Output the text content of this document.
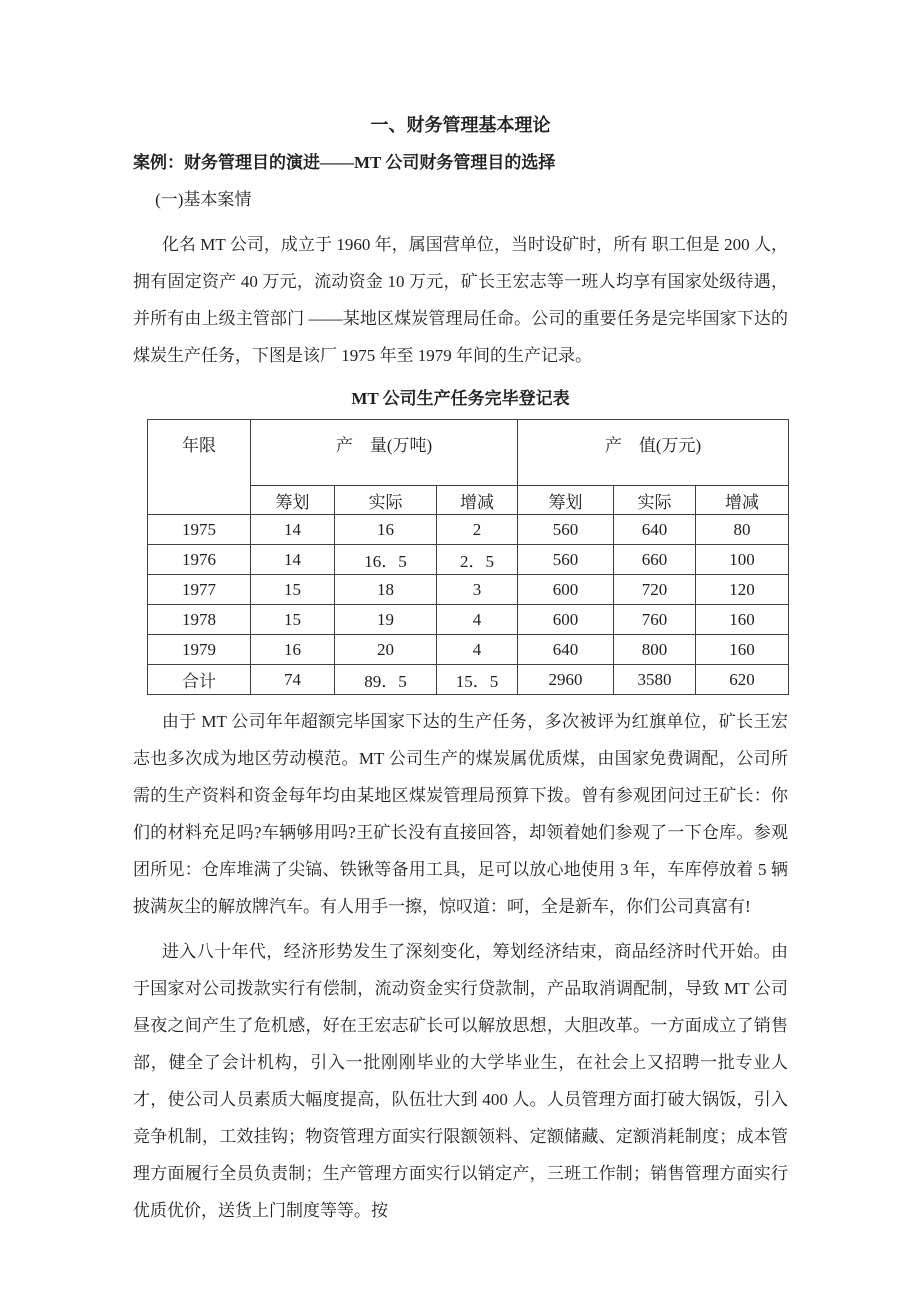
一、财务管理基本理论

案例：财务管理目的演进——MT 公司财务管理目的选择

(一)基本案情

化名 MT 公司，成立于 1960 年，属国营单位，当时设矿时，所有 职工但是 200 人，拥有固定资产 40 万元，流动资金 10 万元，矿长王宏志等一班人均享有国家处级待遇，并所有由上级主管部门 ——某地区煤炭管理局任命。公司的重要任务是完毕国家下达的煤炭生产任务，下图是该厂 1975 年至 1979 年间的生产记录。

MT 公司生产任务完毕登记表

年限	产　量(万吨)			产　值(万元)		
	筹划	实际	增减	筹划	实际	增减
1975	14	16	2	560	640	80
1976	14	16．5	2．5	560	660	100
1977	15	18	3	600	720	120
1978	15	19	4	600	760	160
1979	16	20	4	640	800	160
合计	74	89．5	15．5	2960	3580	620

由于 MT 公司年年超额完毕国家下达的生产任务，多次被评为红旗单位，矿长王宏志也多次成为地区劳动模范。MT 公司生产的煤炭属优质煤，由国家免费调配，公司所需的生产资料和资金每年均由某地区煤炭管理局预算下拨。曾有参观团问过王矿长：你们的材料充足吗?车辆够用吗?王矿长没有直接回答，却领着她们参观了一下仓库。参观团所见：仓库堆满了尖镐、铁锹等备用工具，足可以放心地使用 3 年，车库停放着 5 辆披满灰尘的解放牌汽车。有人用手一擦，惊叹道：呵，全是新车，你们公司真富有!

进入八十年代，经济形势发生了深刻变化，筹划经济结束，商品经济时代开始。由于国家对公司拨款实行有偿制，流动资金实行贷款制，产品取消调配制，导致 MT 公司昼夜之间产生了危机感，好在王宏志矿长可以解放思想，大胆改革。一方面成立了销售部，健全了会计机构，引入一批刚刚毕业的大学毕业生，在社会上又招聘一批专业人才，使公司人员素质大幅度提高，队伍壮大到 400 人。人员管理方面打破大锅饭，引入竞争机制，工效挂钩；物资管理方面实行限额领料、定额储藏、定额消耗制度；成本管理方面履行全员负责制；生产管理方面实行以销定产，三班工作制；销售管理方面实行优质优价，送货上门制度等等。按
